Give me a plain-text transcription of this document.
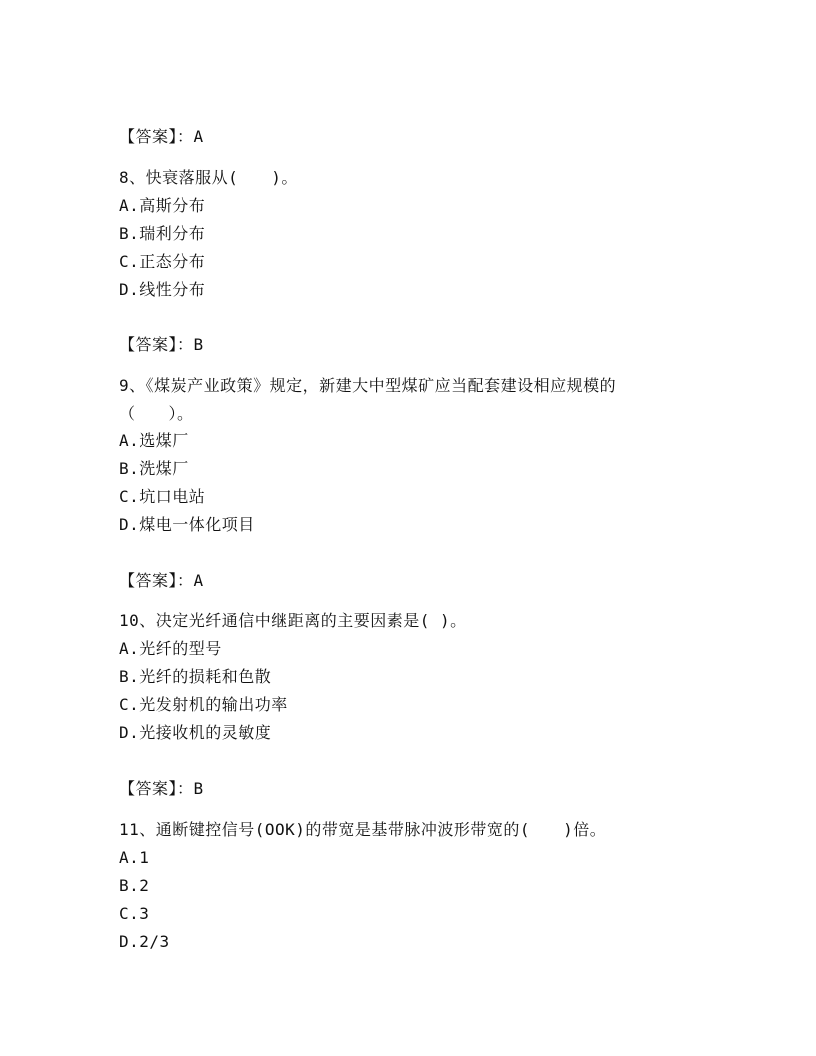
【答案】：A
8、快衰落服从(　　)。
A.高斯分布
B.瑞利分布
C.正态分布
D.线性分布
【答案】：B
9、《煤炭产业政策》规定，新建大中型煤矿应当配套建设相应规模的
（　　）。
A.选煤厂
B.洗煤厂
C.坑口电站
D.煤电一体化项目
【答案】：A
10、决定光纤通信中继距离的主要因素是( )。
A.光纤的型号
B.光纤的损耗和色散
C.光发射机的输出功率
D.光接收机的灵敏度
【答案】：B
11、通断键控信号(OOK)的带宽是基带脉冲波形带宽的(　　)倍。
A.1
B.2
C.3
D.2/3
